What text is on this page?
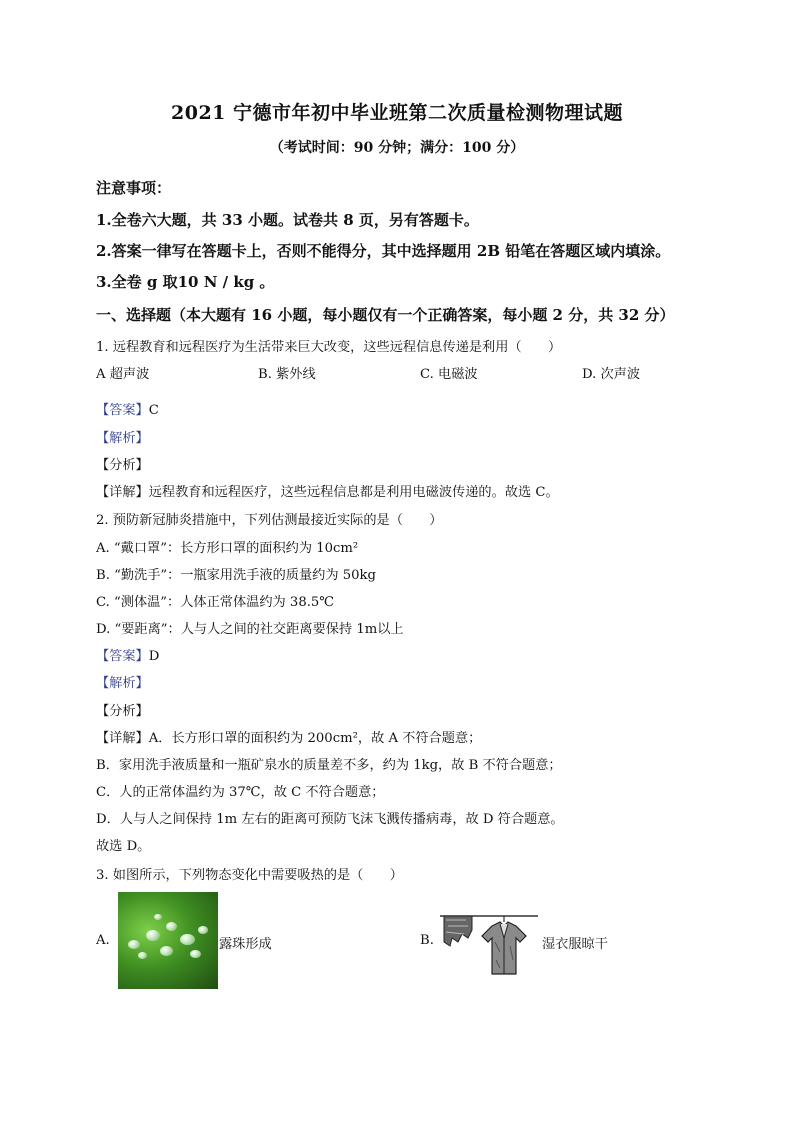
2021 宁德市年初中毕业班第二次质量检测物理试题
（考试时间：90 分钟；满分：100 分）
注意事项：
1.全卷六大题，共 33 小题。试卷共 8 页，另有答题卡。
2.答案一律写在答题卡上，否则不能得分，其中选择题用 2B 铅笔在答题区域内填涂。
3.全卷 g 取10 N / kg 。
一、选择题（本大题有 16 小题，每小题仅有一个正确答案，每小题 2 分，共 32 分）
1. 远程教育和远程医疗为生活带来巨大改变，这些远程信息传递是利用（　　）
A 超声波	B. 紫外线	C. 电磁波	D. 次声波
【答案】C
【解析】
【分析】
【详解】远程教育和远程医疗，这些远程信息都是利用电磁波传递的。故选 C。
2. 预防新冠肺炎措施中，下列估测最接近实际的是（　　）
A. “戴口罩”：长方形口罩的面积约为 10cm²
B. “勤洗手”：一瓶家用洗手液的质量约为 50kg
C. “测体温”：人体正常体温约为 38.5℃
D. “要距离”：人与人之间的社交距离要保持 1m以上
【答案】D
【解析】
【分析】
【详解】A．长方形口罩的面积约为 200cm²，故 A 不符合题意；
B．家用洗手液质量和一瓶矿泉水的质量差不多，约为 1kg，故 B 不符合题意；
C．人的正常体温约为 37℃，故 C 不符合题意；
D．人与人之间保持 1m 左右的距离可预防飞沫飞溅传播病毒，故 D 符合题意。
故选 D。
3. 如图所示，下列物态变化中需要吸热的是（　　）
A.	露珠形成	B.	湿衣服晾干
